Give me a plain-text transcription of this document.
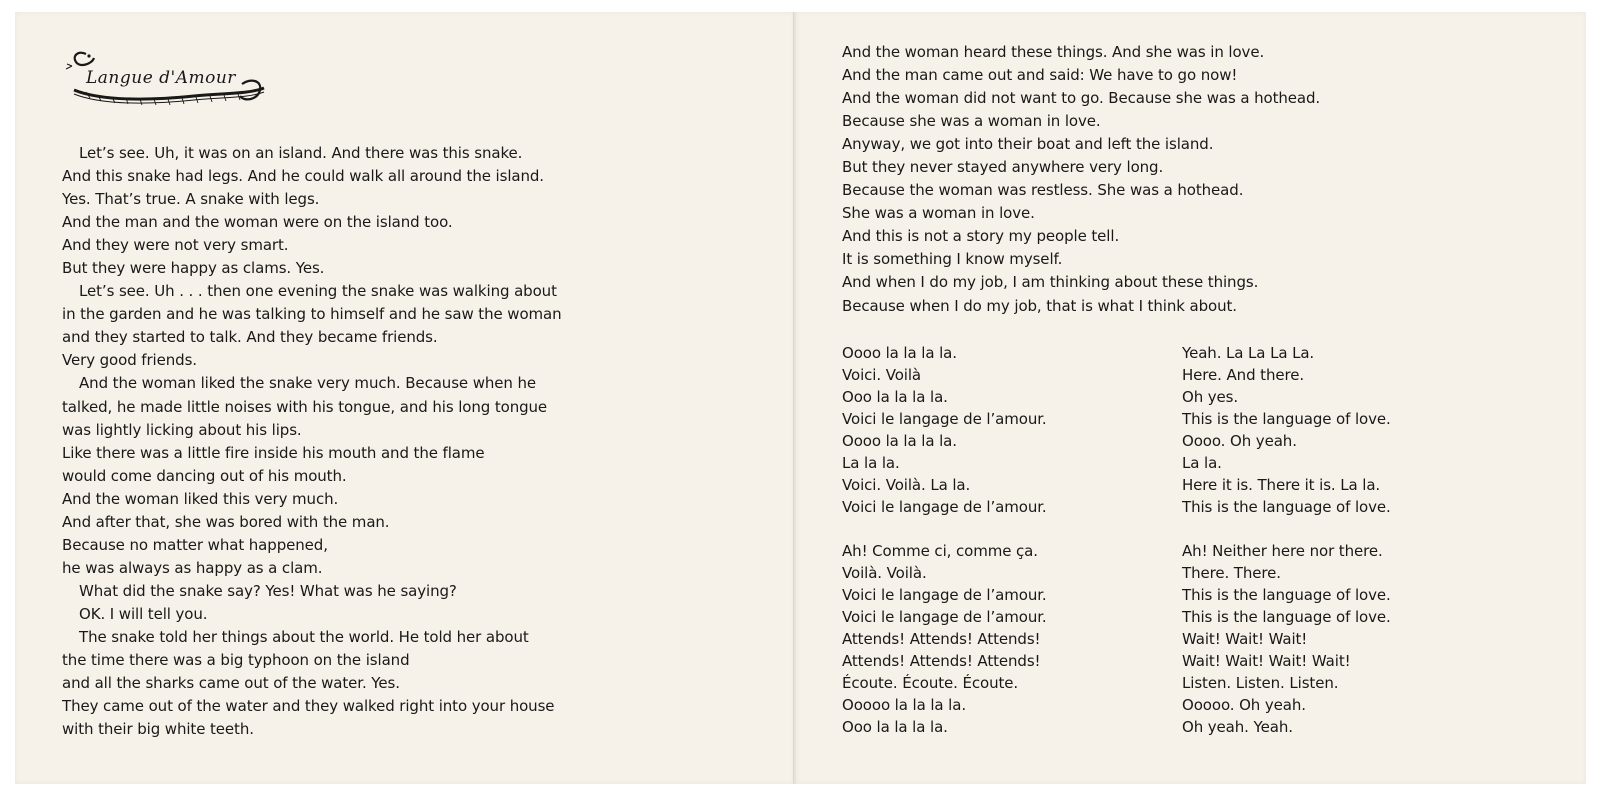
Langue d'Amour
Let’s see. Uh, it was on an island. And there was this snake.
And this snake had legs. And he could walk all around the island.
Yes. That’s true. A snake with legs.
And the man and the woman were on the island too.
And they were not very smart.
But they were happy as clams. Yes.
Let’s see. Uh . . . then one evening the snake was walking about
in the garden and he was talking to himself and he saw the woman
and they started to talk. And they became friends.
Very good friends.
And the woman liked the snake very much. Because when he
talked, he made little noises with his tongue, and his long tongue
was lightly licking about his lips.
Like there was a little fire inside his mouth and the flame
would come dancing out of his mouth.
And the woman liked this very much.
And after that, she was bored with the man.
Because no matter what happened,
he was always as happy as a clam.
What did the snake say? Yes! What was he saying?
OK. I will tell you.
The snake told her things about the world. He told her about
the time there was a big typhoon on the island
and all the sharks came out of the water. Yes.
They came out of the water and they walked right into your house
with their big white teeth.
And the woman heard these things. And she was in love.
And the man came out and said: We have to go now!
And the woman did not want to go. Because she was a hothead.
Because she was a woman in love.
Anyway, we got into their boat and left the island.
But they never stayed anywhere very long.
Because the woman was restless. She was a hothead.
She was a woman in love.
And this is not a story my people tell.
It is something I know myself.
And when I do my job, I am thinking about these things.
Because when I do my job, that is what I think about.
Oooo la la la la.
Voici. Voilà
Ooo la la la la.
Voici le langage de l’amour.
Oooo la la la la.
La la la.
Voici. Voilà. La la.
Voici le langage de l’amour.
Ah! Comme ci, comme ça.
Voilà. Voilà.
Voici le langage de l’amour.
Voici le langage de l’amour.
Attends! Attends! Attends!
Attends! Attends! Attends!
Écoute. Écoute. Écoute.
Ooooo la la la la.
Ooo la la la la.
Yeah. La La La La.
Here. And there.
Oh yes.
This is the language of love.
Oooo. Oh yeah.
La la.
Here it is. There it is. La la.
This is the language of love.
Ah! Neither here nor there.
There. There.
This is the language of love.
This is the language of love.
Wait! Wait! Wait!
Wait! Wait! Wait! Wait!
Listen. Listen. Listen.
Ooooo. Oh yeah.
Oh yeah. Yeah.
